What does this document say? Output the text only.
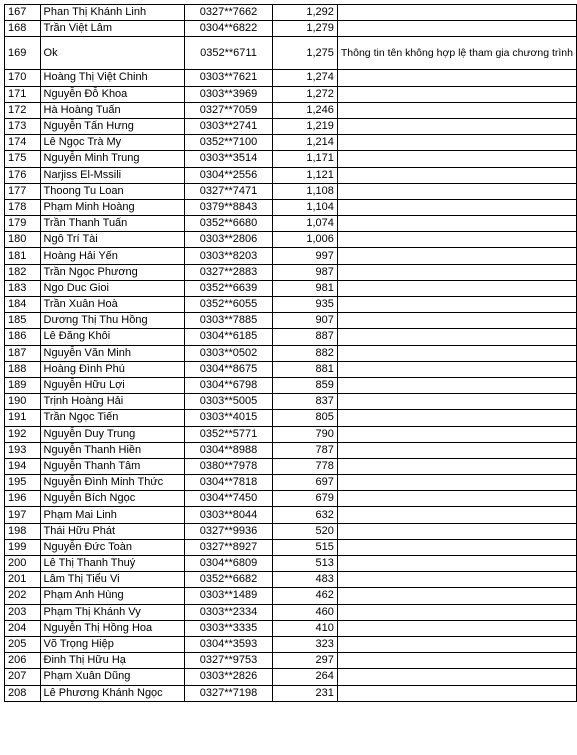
167	Phan Thị Khánh Linh	0327**7662	1,292	
168	Trần Việt Lâm	0304**6822	1,279	
169	Ok	0352**6711	1,275	Thông tin tên không hợp lệ tham gia chương trình
170	Hoàng Thị Việt Chinh	0303**7621	1,274	
171	Nguyễn Đỗ Khoa	0303**3969	1,272	
172	Hà Hoàng Tuấn	0327**7059	1,246	
173	Nguyễn Tấn Hưng	0303**2741	1,219	
174	Lê Ngọc Trà My	0352**7100	1,214	
175	Nguyễn Minh Trung	0303**3514	1,171	
176	Narjiss El-Mssili	0304**2556	1,121	
177	Thoong Tu Loan	0327**7471	1,108	
178	Phạm Minh Hoàng	0379**8843	1,104	
179	Trần Thanh Tuấn	0352**6680	1,074	
180	Ngô Trí Tài	0303**2806	1,006	
181	Hoàng Hải Yến	0303**8203	997	
182	Trần Ngọc Phương	0327**2883	987	
183	Ngo Duc Gioi	0352**6639	981	
184	Trần Xuân Hoà	0352**6055	935	
185	Dương Thị Thu Hồng	0303**7885	907	
186	Lê Đăng Khôi	0304**6185	887	
187	Nguyễn Văn Minh	0303**0502	882	
188	Hoàng Đình Phú	0304**8675	881	
189	Nguyễn Hữu Lợi	0304**6798	859	
190	Trịnh Hoàng Hải	0303**5005	837	
191	Trần Ngọc Tiến	0303**4015	805	
192	Nguyễn Duy Trung	0352**5771	790	
193	Nguyễn Thanh Hiền	0304**8988	787	
194	Nguyễn Thanh Tâm	0380**7978	778	
195	Nguyễn Đình Minh Thức	0304**7818	697	
196	Nguyễn Bích Ngọc	0304**7450	679	
197	Phạm Mai Linh	0303**8044	632	
198	Thái Hữu Phát	0327**9936	520	
199	Nguyễn Đức Toàn	0327**8927	515	
200	Lê Thị Thanh Thuý	0304**6809	513	
201	Lâm Thị Tiểu Vi	0352**6682	483	
202	Phạm Anh Hùng	0303**1489	462	
203	Phạm Thị Khánh Vy	0303**2334	460	
204	Nguyễn Thị Hồng Hoa	0303**3335	410	
205	Võ Trọng Hiệp	0304**3593	323	
206	Đinh Thị Hữu Hạ	0327**9753	297	
207	Phạm Xuân Dũng	0303**2826	264	
208	Lê Phương Khánh Ngọc	0327**7198	231	
